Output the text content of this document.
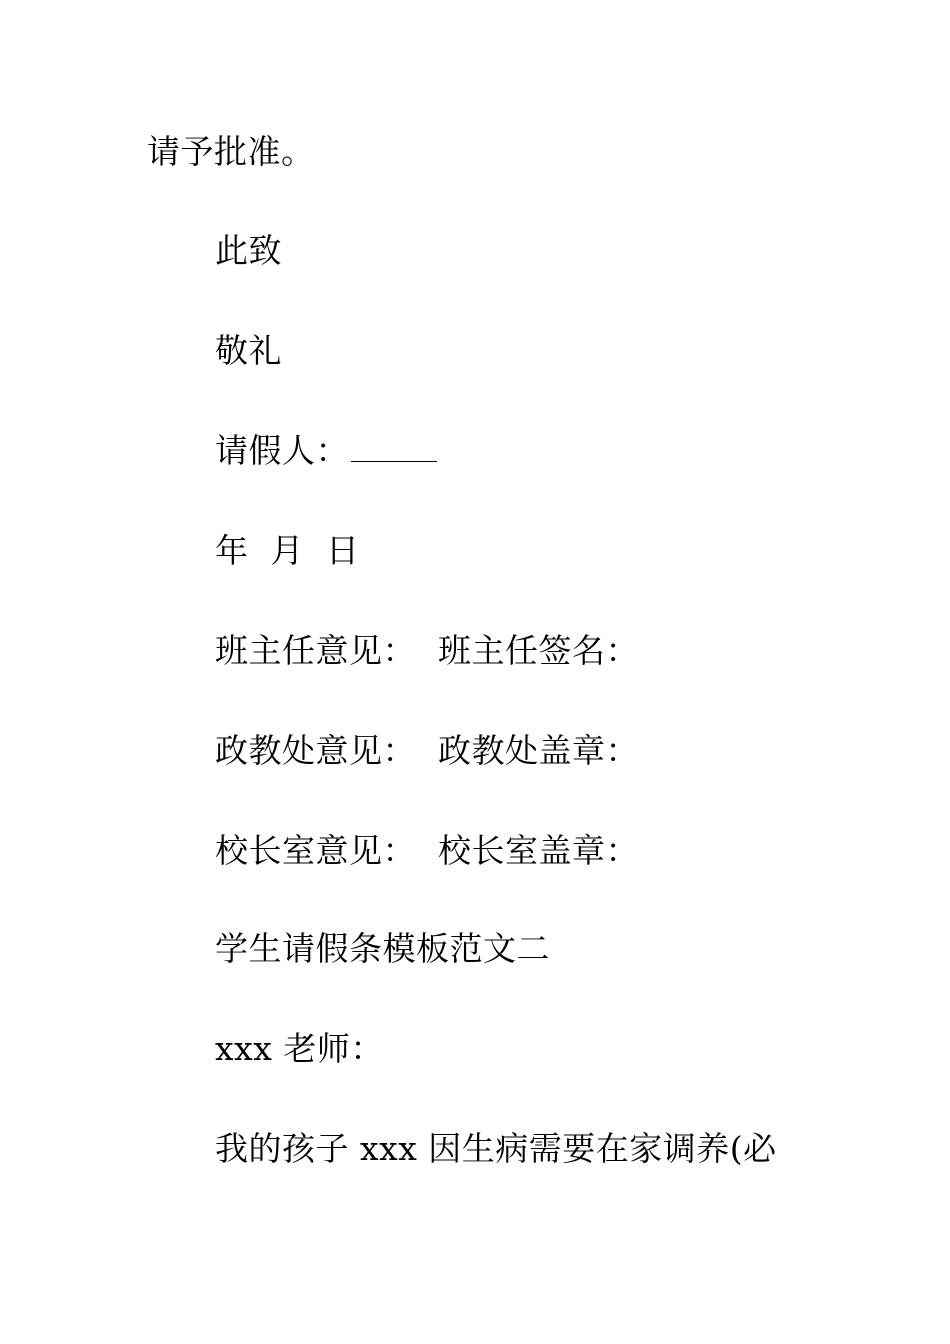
请予批准。
此致
敬礼
请假人：
年  月  日
班主任意见：  班主任签名：
政教处意见：  政教处盖章：
校长室意见：  校长室盖章：
学生请假条模板范文二
xxx 老师：
我的孩子 xxx 因生病需要在家调养(必
